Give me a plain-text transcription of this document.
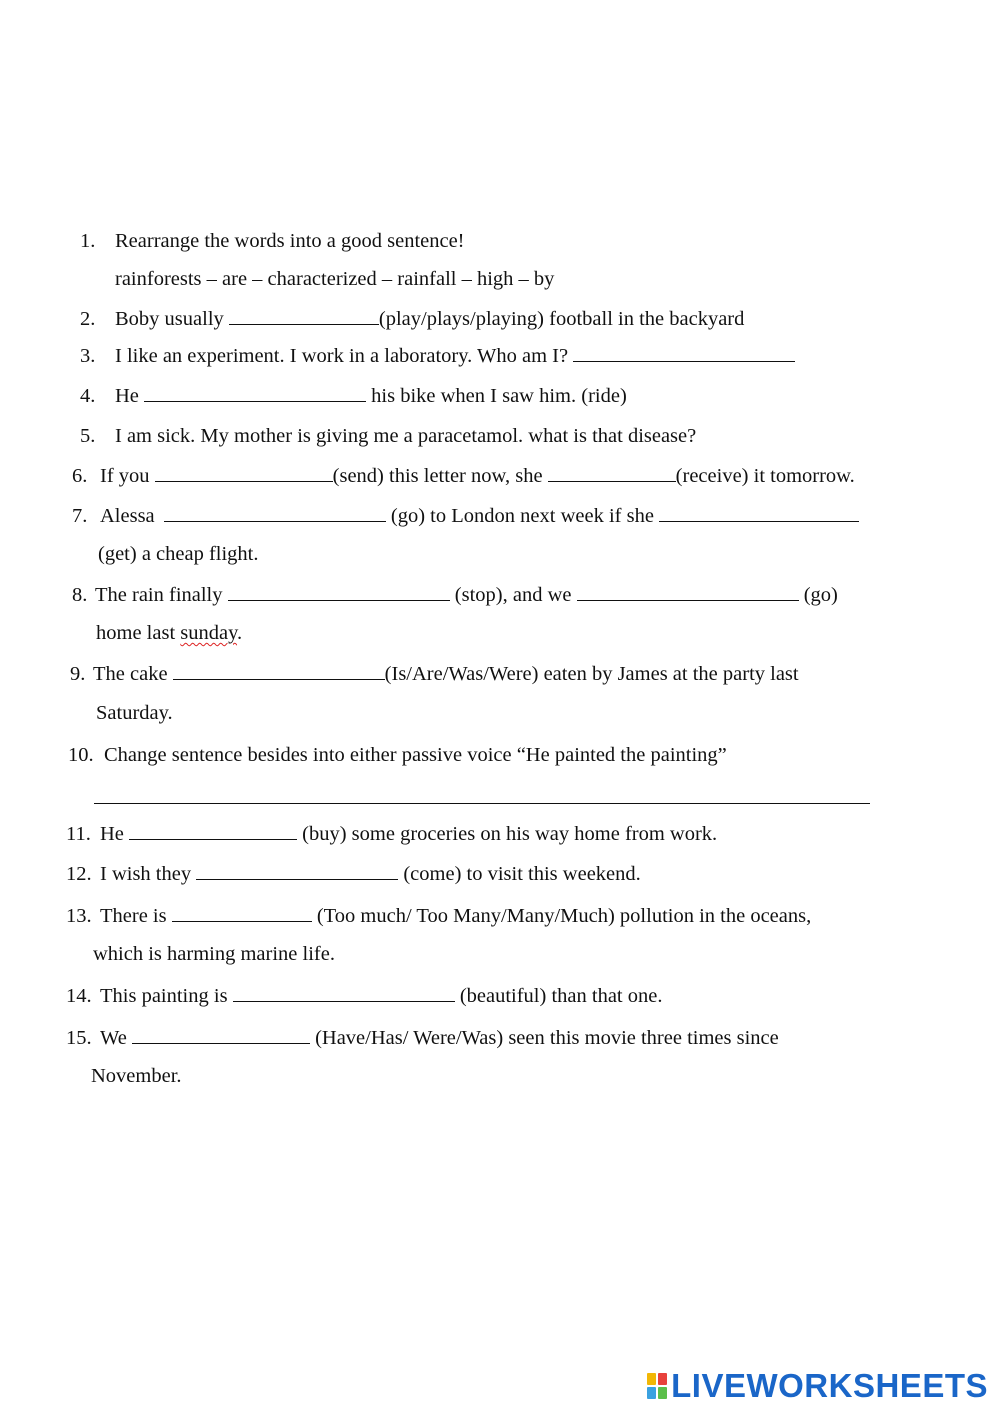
1. Rearrange the words into a good sentence!
rainforests – are – characterized – rainfall – high – by
2. Boby usually	(play/plays/playing) football in the backyard
3. I like an experiment. I work in a laboratory. Who am I?
4. He	his bike when I saw him. (ride)
5. I am sick. My mother is giving me a paracetamol. what is that disease?
6. If you	(send) this letter now, she	(receive) it tomorrow.
7. Alessa	(go) to London next week if she
(get) a cheap flight.
8. The rain finally	(stop), and we	(go)
home last sunday.
9. The cake	(Is/Are/Was/Were) eaten by James at the party last
Saturday.
10. Change sentence besides into either passive voice “He painted the painting”
11. He	(buy) some groceries on his way home from work.
12. I wish they	(come) to visit this weekend.
13. There is	(Too much/ Too Many/Many/Much) pollution in the oceans,
which is harming marine life.
14. This painting is	(beautiful) than that one.
15. We	(Have/Has/ Were/Was) seen this movie three times since
November.
LIVEWORKSHEETS
